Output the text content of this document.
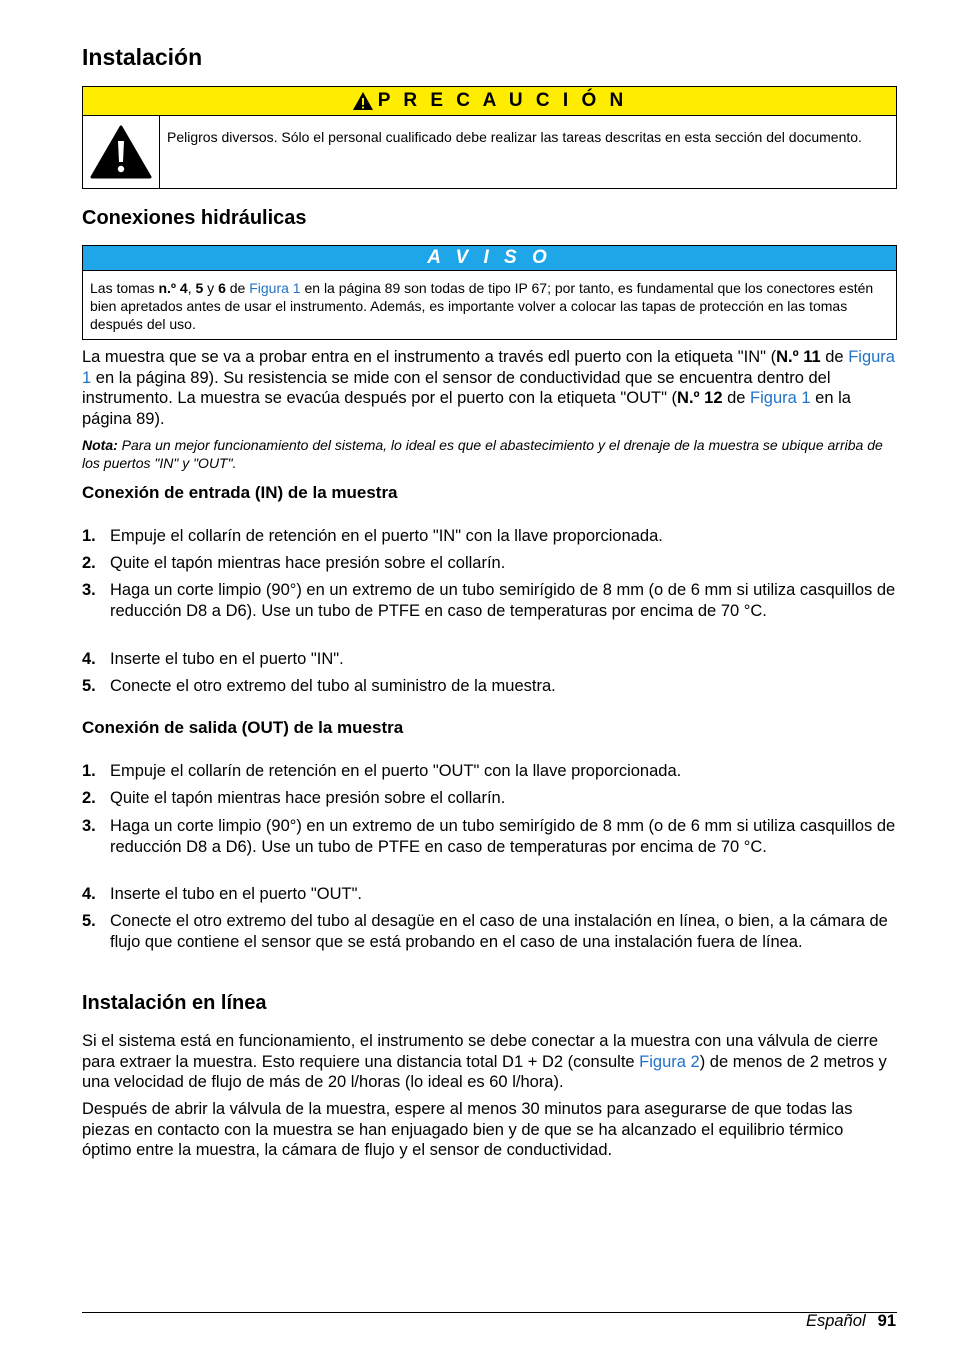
Instalación
P R E C A U C I Ó N
Peligros diversos. Sólo el personal cualificado debe realizar las tareas descritas en esta sección del documento.
Conexiones hidráulicas
A V I S O
Las tomas n.º 4, 5 y 6 de Figura 1 en la página 89 son todas de tipo IP 67; por tanto, es fundamental que los conectores estén bien apretados antes de usar el instrumento. Además, es importante volver a colocar las tapas de protección en las tomas después del uso.

La muestra que se va a probar entra en el instrumento a través edl puerto con la etiqueta "IN" (N.º 11 de Figura 1 en la página 89). Su resistencia se mide con el sensor de conductividad que se encuentra dentro del instrumento. La muestra se evacúa después por el puerto con la etiqueta "OUT" (N.º 12 de Figura 1 en la página 89).

Nota: Para un mejor funcionamiento del sistema, lo ideal es que el abastecimiento y el drenaje de la muestra se ubique arriba de los puertos "IN" y "OUT".

Conexión de entrada (IN) de la muestra
1. Empuje el collarín de retención en el puerto "IN" con la llave proporcionada.
2. Quite el tapón mientras hace presión sobre el collarín.
3. Haga un corte limpio (90°) en un extremo de un tubo semirígido de 8 mm (o de 6 mm si utiliza casquillos de reducción D8 a D6). Use un tubo de PTFE en caso de temperaturas por encima de 70 °C.
4. Inserte el tubo en el puerto "IN".
5. Conecte el otro extremo del tubo al suministro de la muestra.
Conexión de salida (OUT) de la muestra
1. Empuje el collarín de retención en el puerto "OUT" con la llave proporcionada.
2. Quite el tapón mientras hace presión sobre el collarín.
3. Haga un corte limpio (90°) en un extremo de un tubo semirígido de 8 mm (o de 6 mm si utiliza casquillos de reducción D8 a D6). Use un tubo de PTFE en caso de temperaturas por encima de 70 °C.
4. Inserte el tubo en el puerto "OUT".
5. Conecte el otro extremo del tubo al desagüe en el caso de una instalación en línea, o bien, a la cámara de flujo que contiene el sensor que se está probando en el caso de una instalación fuera de línea.
Instalación en línea

Si el sistema está en funcionamiento, el instrumento se debe conectar a la muestra con una válvula de cierre para extraer la muestra. Esto requiere una distancia total D1 + D2 (consulte Figura 2) de menos de 2 metros y una velocidad de flujo de más de 20 l/horas (lo ideal es 60 l/hora).

Después de abrir la válvula de la muestra, espere al menos 30 minutos para asegurarse de que todas las piezas en contacto con la muestra se han enjuagado bien y de que se ha alcanzado el equilibrio térmico óptimo entre la muestra, la cámara de flujo y el sensor de conductividad.

Español 91
